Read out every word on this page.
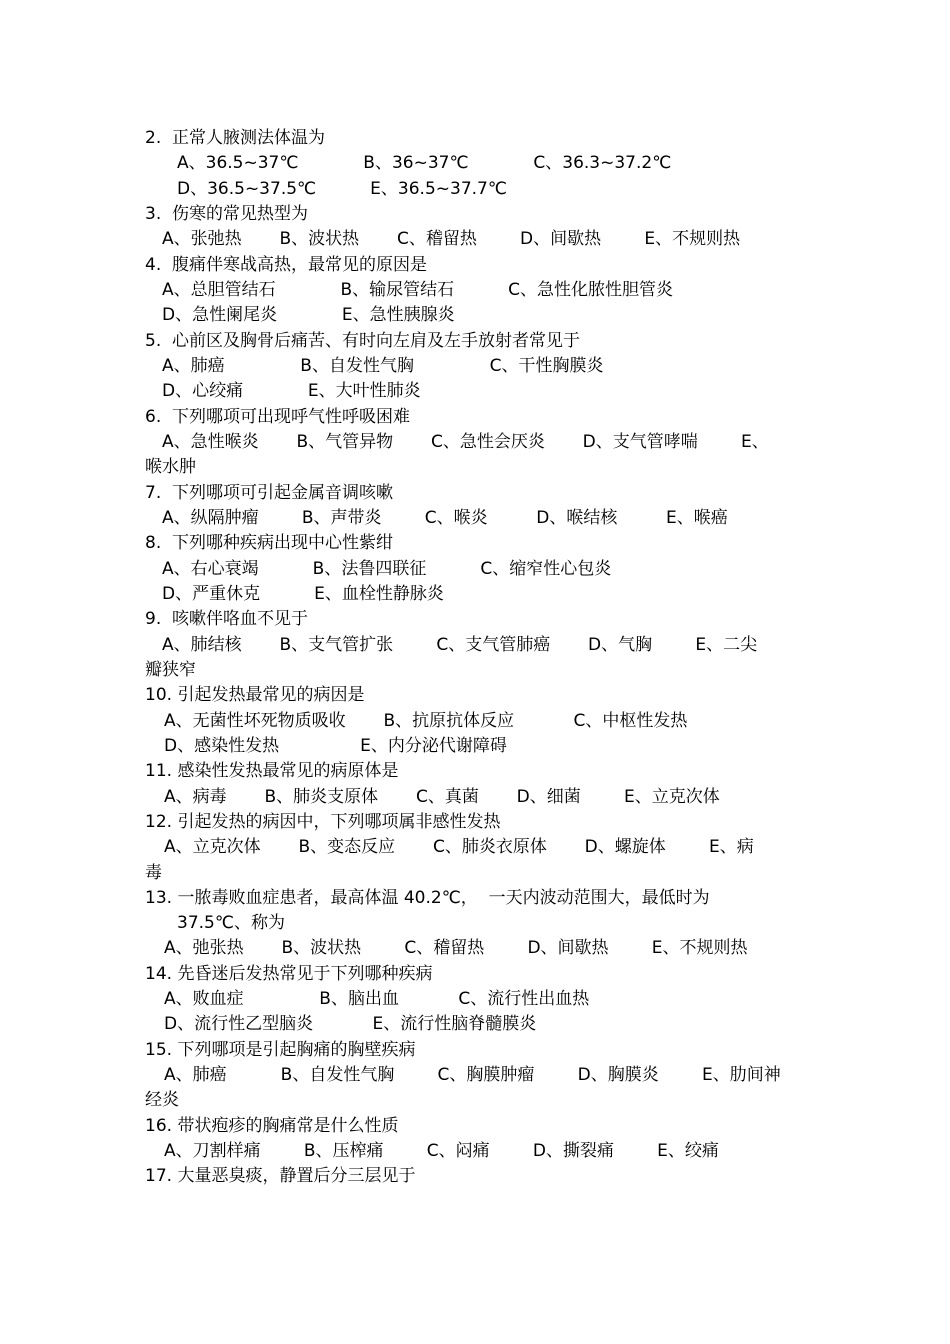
2.  正常人腋测法体温为
A、36.5~37℃            B、36~37℃            C、36.3~37.2℃
D、36.5~37.5℃          E、36.5~37.7℃
3.  伤寒的常见热型为
A、张弛热       B、波状热       C、稽留热        D、间歇热        E、不规则热
4.  腹痛伴寒战高热，最常见的原因是
A、总胆管结石            B、输尿管结石          C、急性化脓性胆管炎
D、急性阑尾炎            E、急性胰腺炎
5.  心前区及胸骨后痛苦、有时向左肩及左手放射者常见于
A、肺癌              B、自发性气胸              C、干性胸膜炎
D、心绞痛            E、大叶性肺炎
6.  下列哪项可出现呼气性呼吸困难
A、急性喉炎       B、气管异物       C、急性会厌炎       D、支气管哮喘        E、
喉水肿
7.  下列哪项可引起金属音调咳嗽
A、纵隔肿瘤        B、声带炎        C、喉炎         D、喉结核         E、喉癌
8.  下列哪种疾病出现中心性紫绀
A、右心衰竭          B、法鲁四联征          C、缩窄性心包炎
D、严重休克          E、血栓性静脉炎
9.  咳嗽伴咯血不见于
A、肺结核       B、支气管扩张        C、支气管肺癌       D、气胸        E、二尖
瓣狭窄
10. 引起发热最常见的病因是
A、无菌性坏死物质吸收       B、抗原抗体反应           C、中枢性发热
D、感染性发热               E、内分泌代谢障碍
11. 感染性发热最常见的病原体是
A、病毒       B、肺炎支原体       C、真菌       D、细菌        E、立克次体
12. 引起发热的病因中，下列哪项属非感性发热
A、立克次体       B、变态反应       C、肺炎衣原体       D、螺旋体        E、病
毒
13. 一脓毒败血症患者，最高体温 40.2℃，  一天内波动范围大，最低时为
37.5℃、称为
A、弛张热       B、波状热        C、稽留热        D、间歇热        E、不规则热
14. 先昏迷后发热常见于下列哪种疾病
A、败血症              B、脑出血           C、流行性出血热
D、流行性乙型脑炎           E、流行性脑脊髓膜炎
15. 下列哪项是引起胸痛的胸壁疾病
A、肺癌          B、自发性气胸        C、胸膜肿瘤        D、胸膜炎        E、肋间神
经炎
16. 带状疱疹的胸痛常是什么性质
A、刀割样痛        B、压榨痛        C、闷痛        D、撕裂痛        E、绞痛
17. 大量恶臭痰，静置后分三层见于
